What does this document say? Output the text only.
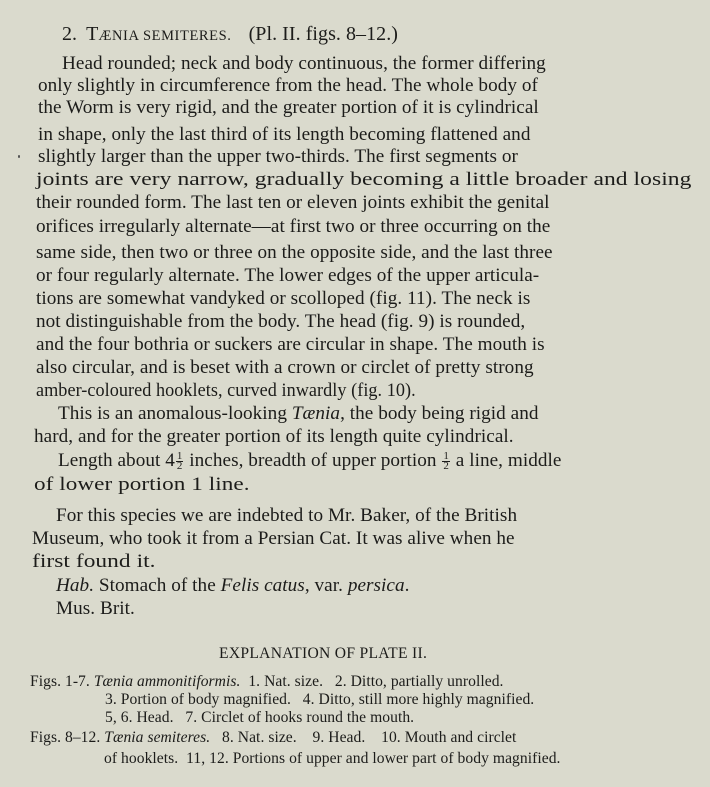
2. TÆNIA SEMITERES. (Pl. II. figs. 8–12.)
Head rounded; neck and body continuous, the former differing
only slightly in circumference from the head. The whole body of
the Worm is very rigid, and the greater portion of it is cylindrical
in shape, only the last third of its length becoming flattened and
slightly larger than the upper two-thirds. The first segments or
joints are very narrow, gradually becoming a little broader and losing
their rounded form. The last ten or eleven joints exhibit the genital
orifices irregularly alternate—at first two or three occurring on the
same side, then two or three on the opposite side, and the last three
or four regularly alternate. The lower edges of the upper articula-
tions are somewhat vandyked or scolloped (fig. 11). The neck is
not distinguishable from the body. The head (fig. 9) is rounded,
and the four bothria or suckers are circular in shape. The mouth is
also circular, and is beset with a crown or circlet of pretty strong
amber-coloured hooklets, curved inwardly (fig. 10).
This is an anomalous-looking Tænia, the body being rigid and
hard, and for the greater portion of its length quite cylindrical.
Length about $4 \frac{1}{2}$ inches, breadth of upper portion $\frac{1}{2}$ a line, middle
of lower portion 1 line.
For this species we are indebted to Mr. Baker, of the British
Museum, who took it from a Persian Cat. It was alive when he
first found it.
Hab. Stomach of the Felis catus, var. persica.
Mus. Brit.
EXPLANATION OF PLATE II.
Figs. 1-7. Tænia ammonitiformis.  1. Nat. size.   2. Ditto, partially unrolled.
3. Portion of body magnified.   4. Ditto, still more highly magnified.
5, 6. Head.   7. Circlet of hooks round the mouth.
Figs. 8–12. Tænia semiteres.   8. Nat. size.    9. Head.    10. Mouth and circlet
of hooklets.  11, 12. Portions of upper and lower part of body magnified.
